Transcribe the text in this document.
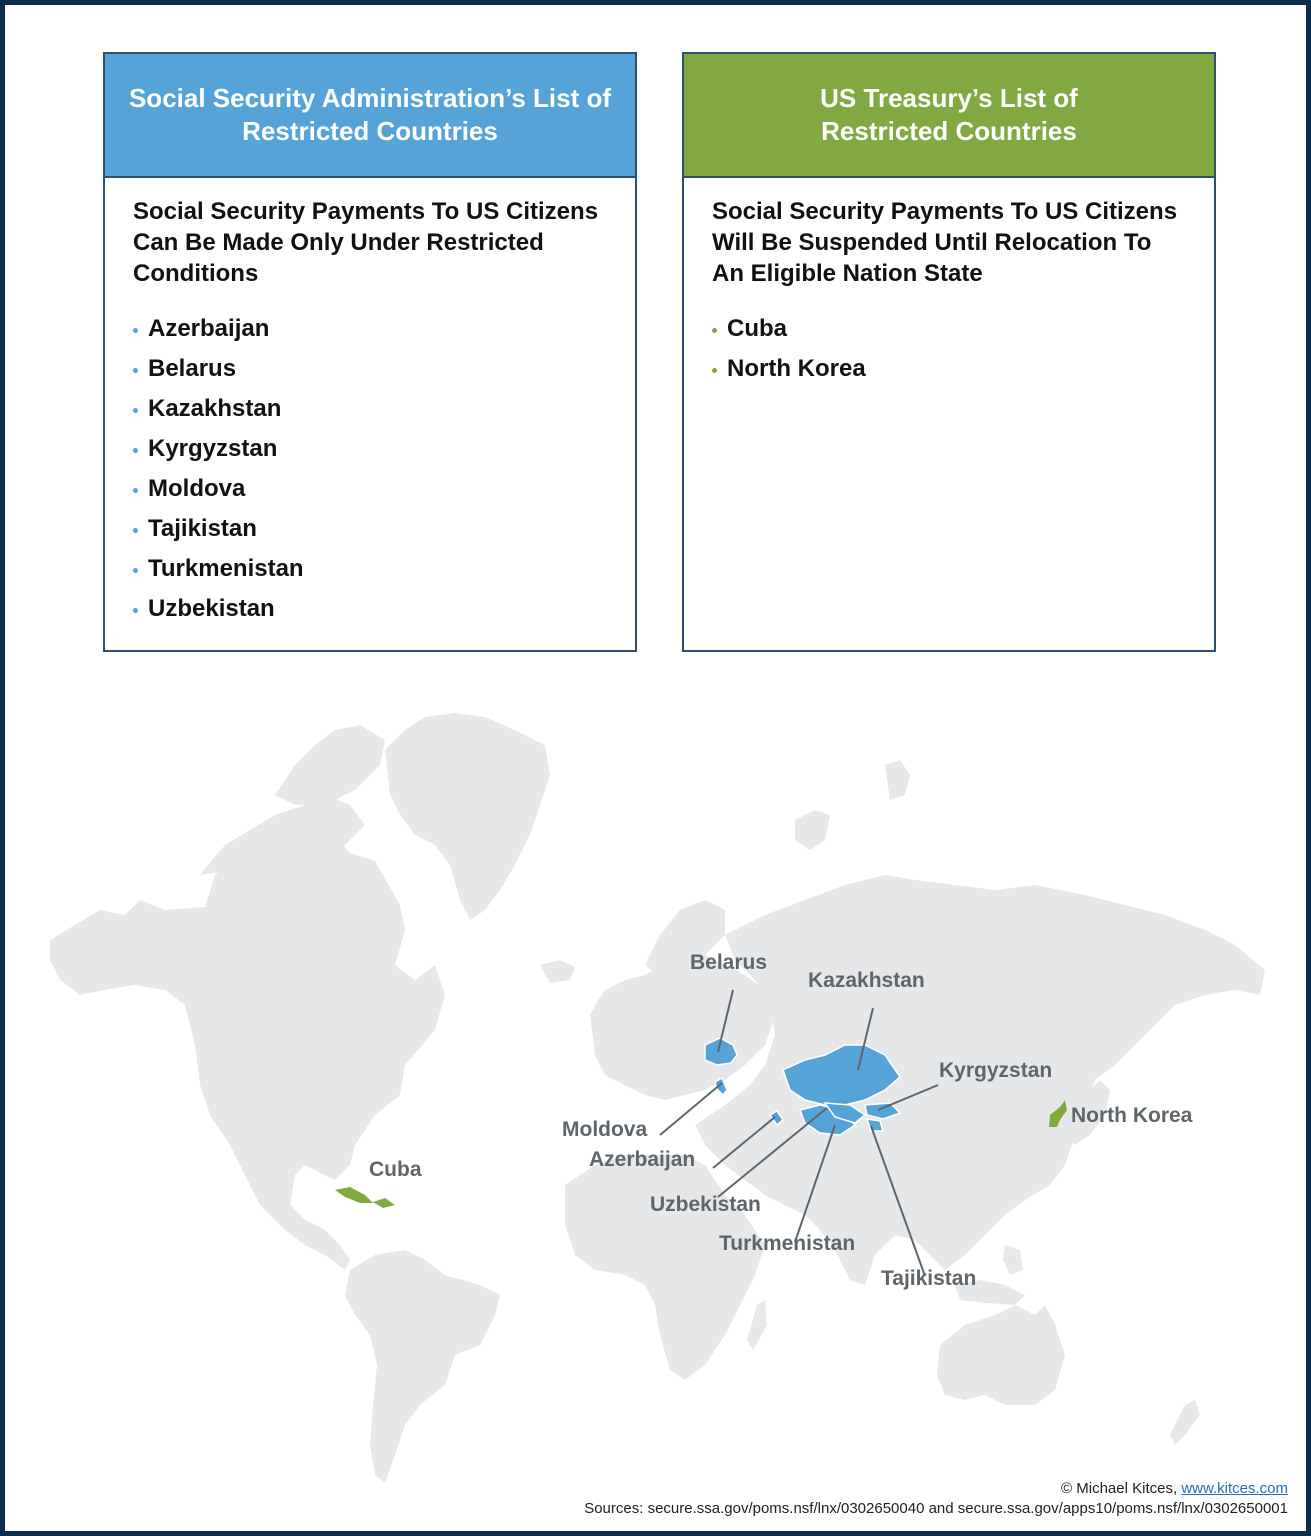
Social Security Administration’s List of Restricted Countries

Social Security Payments To US Citizens Can Be Made Only Under Restricted Conditions

Azerbaijan
Belarus
Kazakhstan
Kyrgyzstan
Moldova
Tajikistan
Turkmenistan
Uzbekistan
US Treasury’s List of Restricted Countries

Social Security Payments To US Citizens Will Be Suspended Until Relocation To An Eligible Nation State

Cuba
North Korea
Belarus
Kazakhstan
Kyrgyzstan
North Korea
Moldova
Azerbaijan
Cuba
Uzbekistan
Turkmenistan
Tajikistan
© Michael Kitces, www.kitces.com
Sources: secure.ssa.gov/poms.nsf/lnx/0302650040 and secure.ssa.gov/apps10/poms.nsf/lnx/0302650001
